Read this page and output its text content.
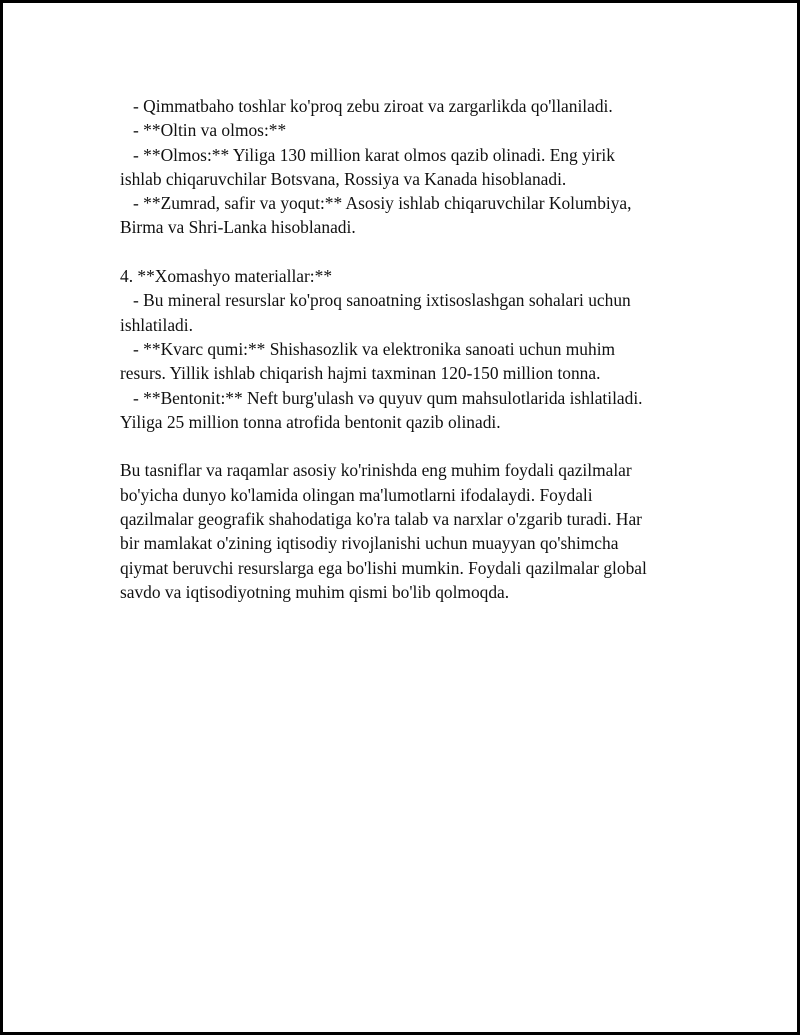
- Qimmatbaho toshlar ko'proq zebu ziroat va zargarlikda qo'llaniladi.
- **Oltin va olmos:**
- **Olmos:** Yiliga 130 million karat olmos qazib olinadi. Eng yirik
ishlab chiqaruvchilar Botsvana, Rossiya va Kanada hisoblanadi.
- **Zumrad, safir va yoqut:** Asosiy ishlab chiqaruvchilar Kolumbiya,
Birma va Shri-Lanka hisoblanadi.
4. **Xomashyo materiallar:**
- Bu mineral resurslar ko'proq sanoatning ixtisoslashgan sohalari uchun
ishlatiladi.
- **Kvarc qumi:** Shishasozlik va elektronika sanoati uchun muhim
resurs. Yillik ishlab chiqarish hajmi taxminan 120-150 million tonna.
- **Bentonit:** Neft burg'ulash və quyuv qum mahsulotlarida ishlatiladi.
Yiliga 25 million tonna atrofida bentonit qazib olinadi.
Bu tasniflar va raqamlar asosiy ko'rinishda eng muhim foydali qazilmalar
bo'yicha dunyo ko'lamida olingan ma'lumotlarni ifodalaydi. Foydali
qazilmalar geografik shahodatiga ko'ra talab va narxlar o'zgarib turadi. Har
bir mamlakat o'zining iqtisodiy rivojlanishi uchun muayyan qo'shimcha
qiymat beruvchi resurslarga ega bo'lishi mumkin. Foydali qazilmalar global
savdo va iqtisodiyotning muhim qismi bo'lib qolmoqda.
